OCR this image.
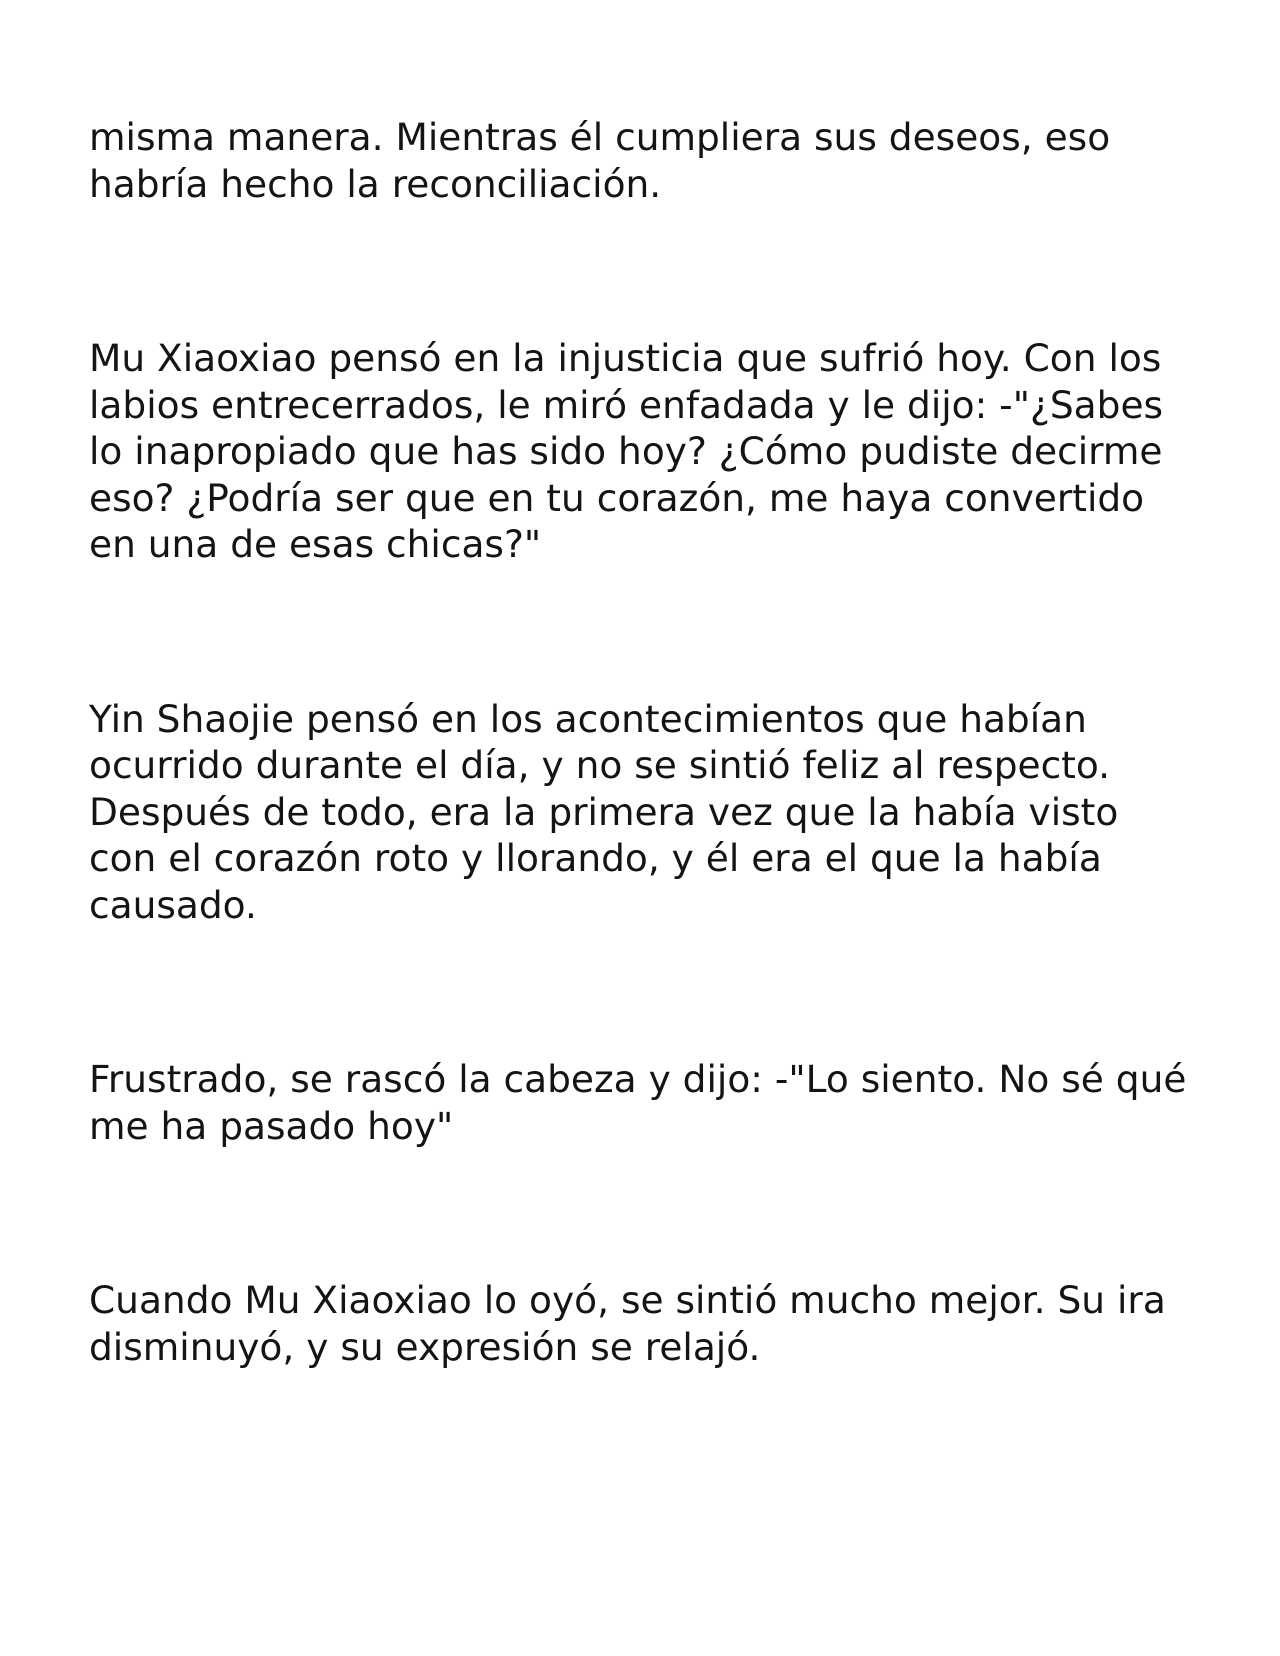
misma manera. Mientras él cumpliera sus deseos, eso
habría hecho la reconciliación.

Mu Xiaoxiao pensó en la injusticia que sufrió hoy. Con los
labios entrecerrados, le miró enfadada y le dijo: -"¿Sabes
lo inapropiado que has sido hoy? ¿Cómo pudiste decirme
eso? ¿Podría ser que en tu corazón, me haya convertido
en una de esas chicas?"

Yin Shaojie pensó en los acontecimientos que habían
ocurrido durante el día, y no se sintió feliz al respecto.
Después de todo, era la primera vez que la había visto
con el corazón roto y llorando, y él era el que la había
causado.

Frustrado, se rascó la cabeza y dijo: -"Lo siento. No sé qué
me ha pasado hoy"

Cuando Mu Xiaoxiao lo oyó, se sintió mucho mejor. Su ira
disminuyó, y su expresión se relajó.
